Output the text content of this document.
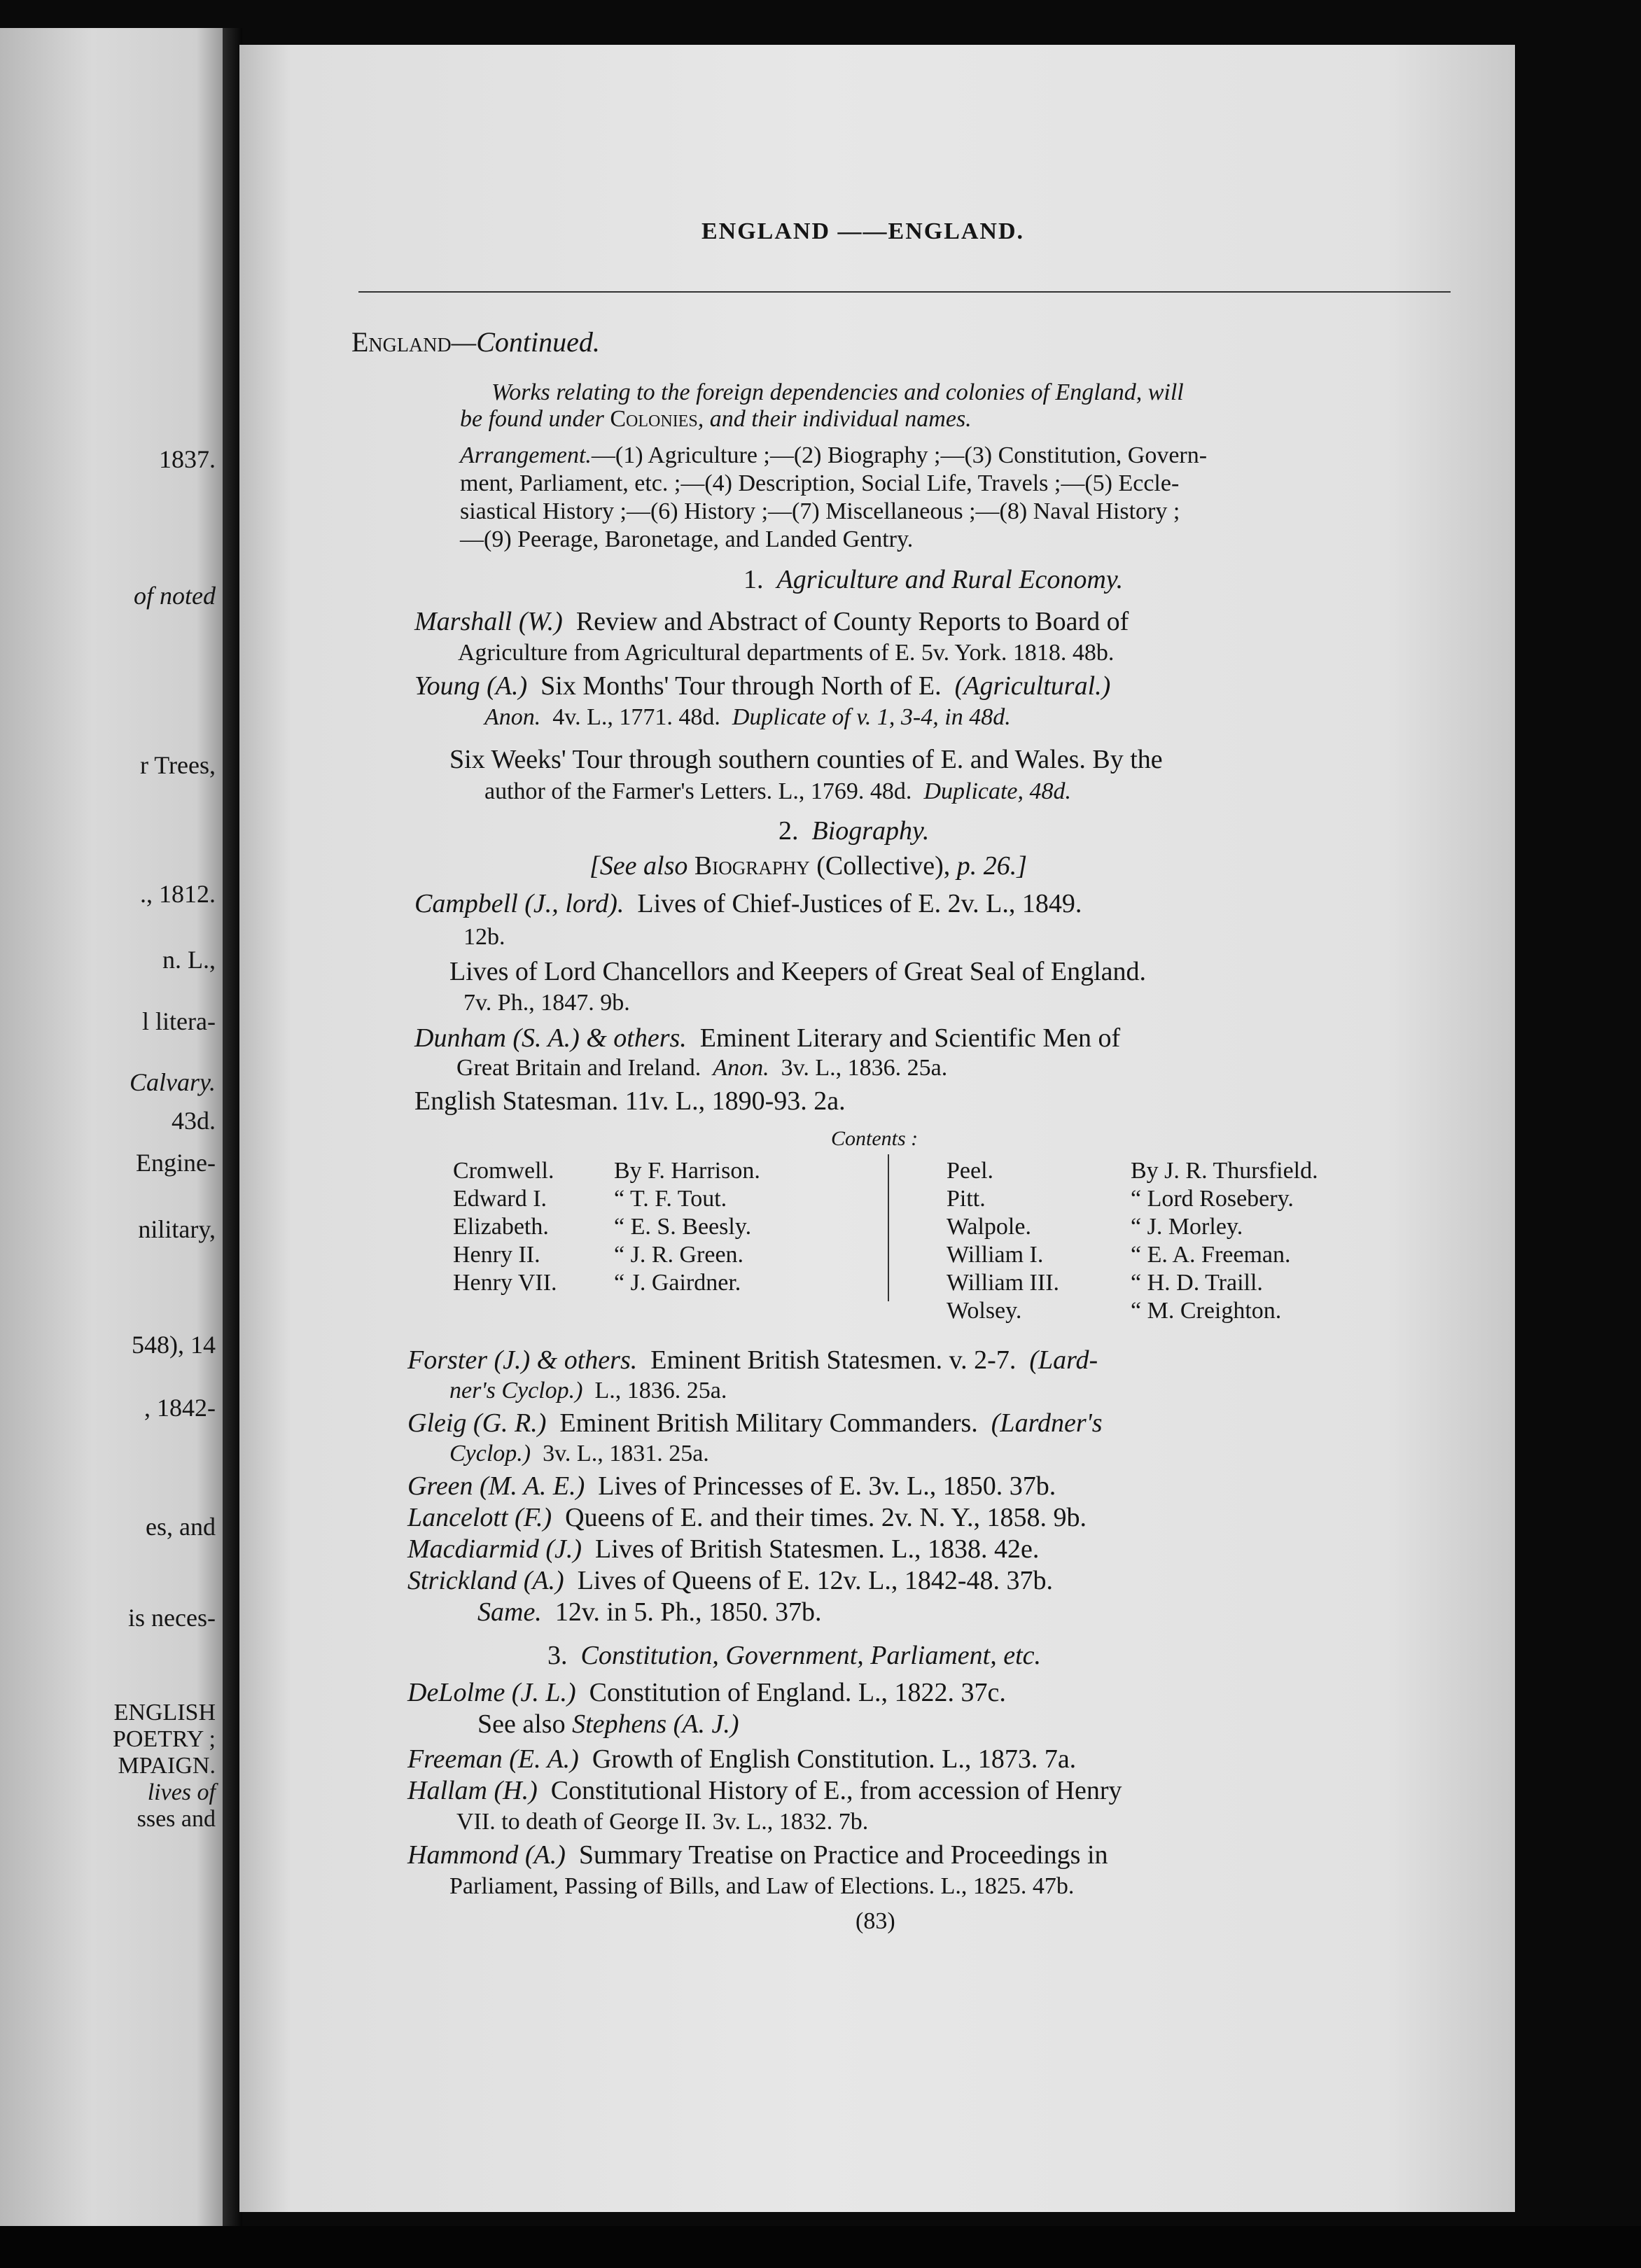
1837.
of noted
r Trees,
., 1812.
n. L.,
l litera-
Calvary.
43d.
Engine-
nilitary,
548), 14
, 1842-
es, and
is neces-
ENGLISH
POETRY ;
MPAIGN.
lives of
sses and
ENGLAND ——ENGLAND.
England—Continued.
Works relating to the foreign dependencies and colonies of England, will
be found under Colonies, and their individual names.
Arrangement.—(1) Agriculture ;—(2) Biography ;—(3) Constitution, Govern-
ment, Parliament, etc. ;—(4) Description, Social Life, Travels ;—(5) Eccle-
siastical History ;—(6) History ;—(7) Miscellaneous ;—(8) Naval History ;
—(9) Peerage, Baronetage, and Landed Gentry.
1. Agriculture and Rural Economy.
Marshall (W.) Review and Abstract of County Reports to Board of
Agriculture from Agricultural departments of E. 5v. York. 1818. 48b.
Young (A.) Six Months' Tour through North of E. (Agricultural.)
Anon. 4v. L., 1771. 48d. Duplicate of v. 1, 3-4, in 48d.
Six Weeks' Tour through southern counties of E. and Wales. By the
author of the Farmer's Letters. L., 1769. 48d. Duplicate, 48d.
2. Biography.
[See also Biography (Collective), p. 26.]
Campbell (J., lord). Lives of Chief-Justices of E. 2v. L., 1849.
12b.
Lives of Lord Chancellors and Keepers of Great Seal of England.
7v. Ph., 1847. 9b.
Dunham (S. A.) & others. Eminent Literary and Scientific Men of
Great Britain and Ireland. Anon. 3v. L., 1836. 25a.
English Statesman. 11v. L., 1890-93. 2a.
Contents :
Cromwell.	By F. Harrison.
Edward I.	“ T. F. Tout.
Elizabeth.	“ E. S. Beesly.
Henry II.	“ J. R. Green.
Henry VII. “ J. Gairdner.
Peel.	By J. R. Thursfield.
Pitt.	“ Lord Rosebery.
Walpole.	“ J. Morley.
William I.	“ E. A. Freeman.
William III.	“ H. D. Traill.
Wolsey.	“ M. Creighton.
Forster (J.) & others. Eminent British Statesmen. v. 2-7. (Lard-
ner's Cyclop.) L., 1836. 25a.
Gleig (G. R.) Eminent British Military Commanders. (Lardner's
Cyclop.) 3v. L., 1831. 25a.
Green (M. A. E.) Lives of Princesses of E. 3v. L., 1850. 37b.
Lancelott (F.) Queens of E. and their times. 2v. N. Y., 1858. 9b.
Macdiarmid (J.) Lives of British Statesmen. L., 1838. 42e.
Strickland (A.) Lives of Queens of E. 12v. L., 1842-48. 37b.
Same. 12v. in 5. Ph., 1850. 37b.
3. Constitution, Government, Parliament, etc.
DeLolme (J. L.) Constitution of England. L., 1822. 37c.
See also Stephens (A. J.)
Freeman (E. A.) Growth of English Constitution. L., 1873. 7a.
Hallam (H.) Constitutional History of E., from accession of Henry
VII. to death of George II. 3v. L., 1832. 7b.
Hammond (A.) Summary Treatise on Practice and Proceedings in
Parliament, Passing of Bills, and Law of Elections. L., 1825. 47b.
(83)
